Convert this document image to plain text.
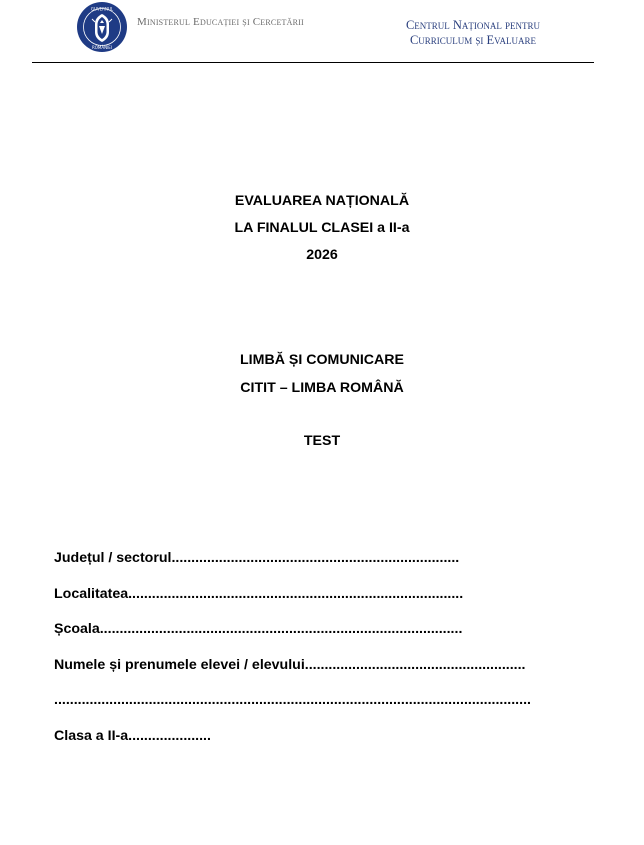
GUVERNUL
ROMÂNIEI
Ministerul Educației și Cercetării	Centrul Național pentru
Curriculum și Evaluare
EVALUAREA NAȚIONALĂ
LA FINALUL CLASEI a II-a
2026
LIMBĂ ȘI COMUNICARE
CITIT – LIMBA ROMÂNĂ
TEST
Județul / sectorul.........................................................................
Localitatea.....................................................................................
Școala............................................................................................
Numele și prenumele elevei / elevului........................................................
.........................................................................................................................
Clasa a II-a.....................
